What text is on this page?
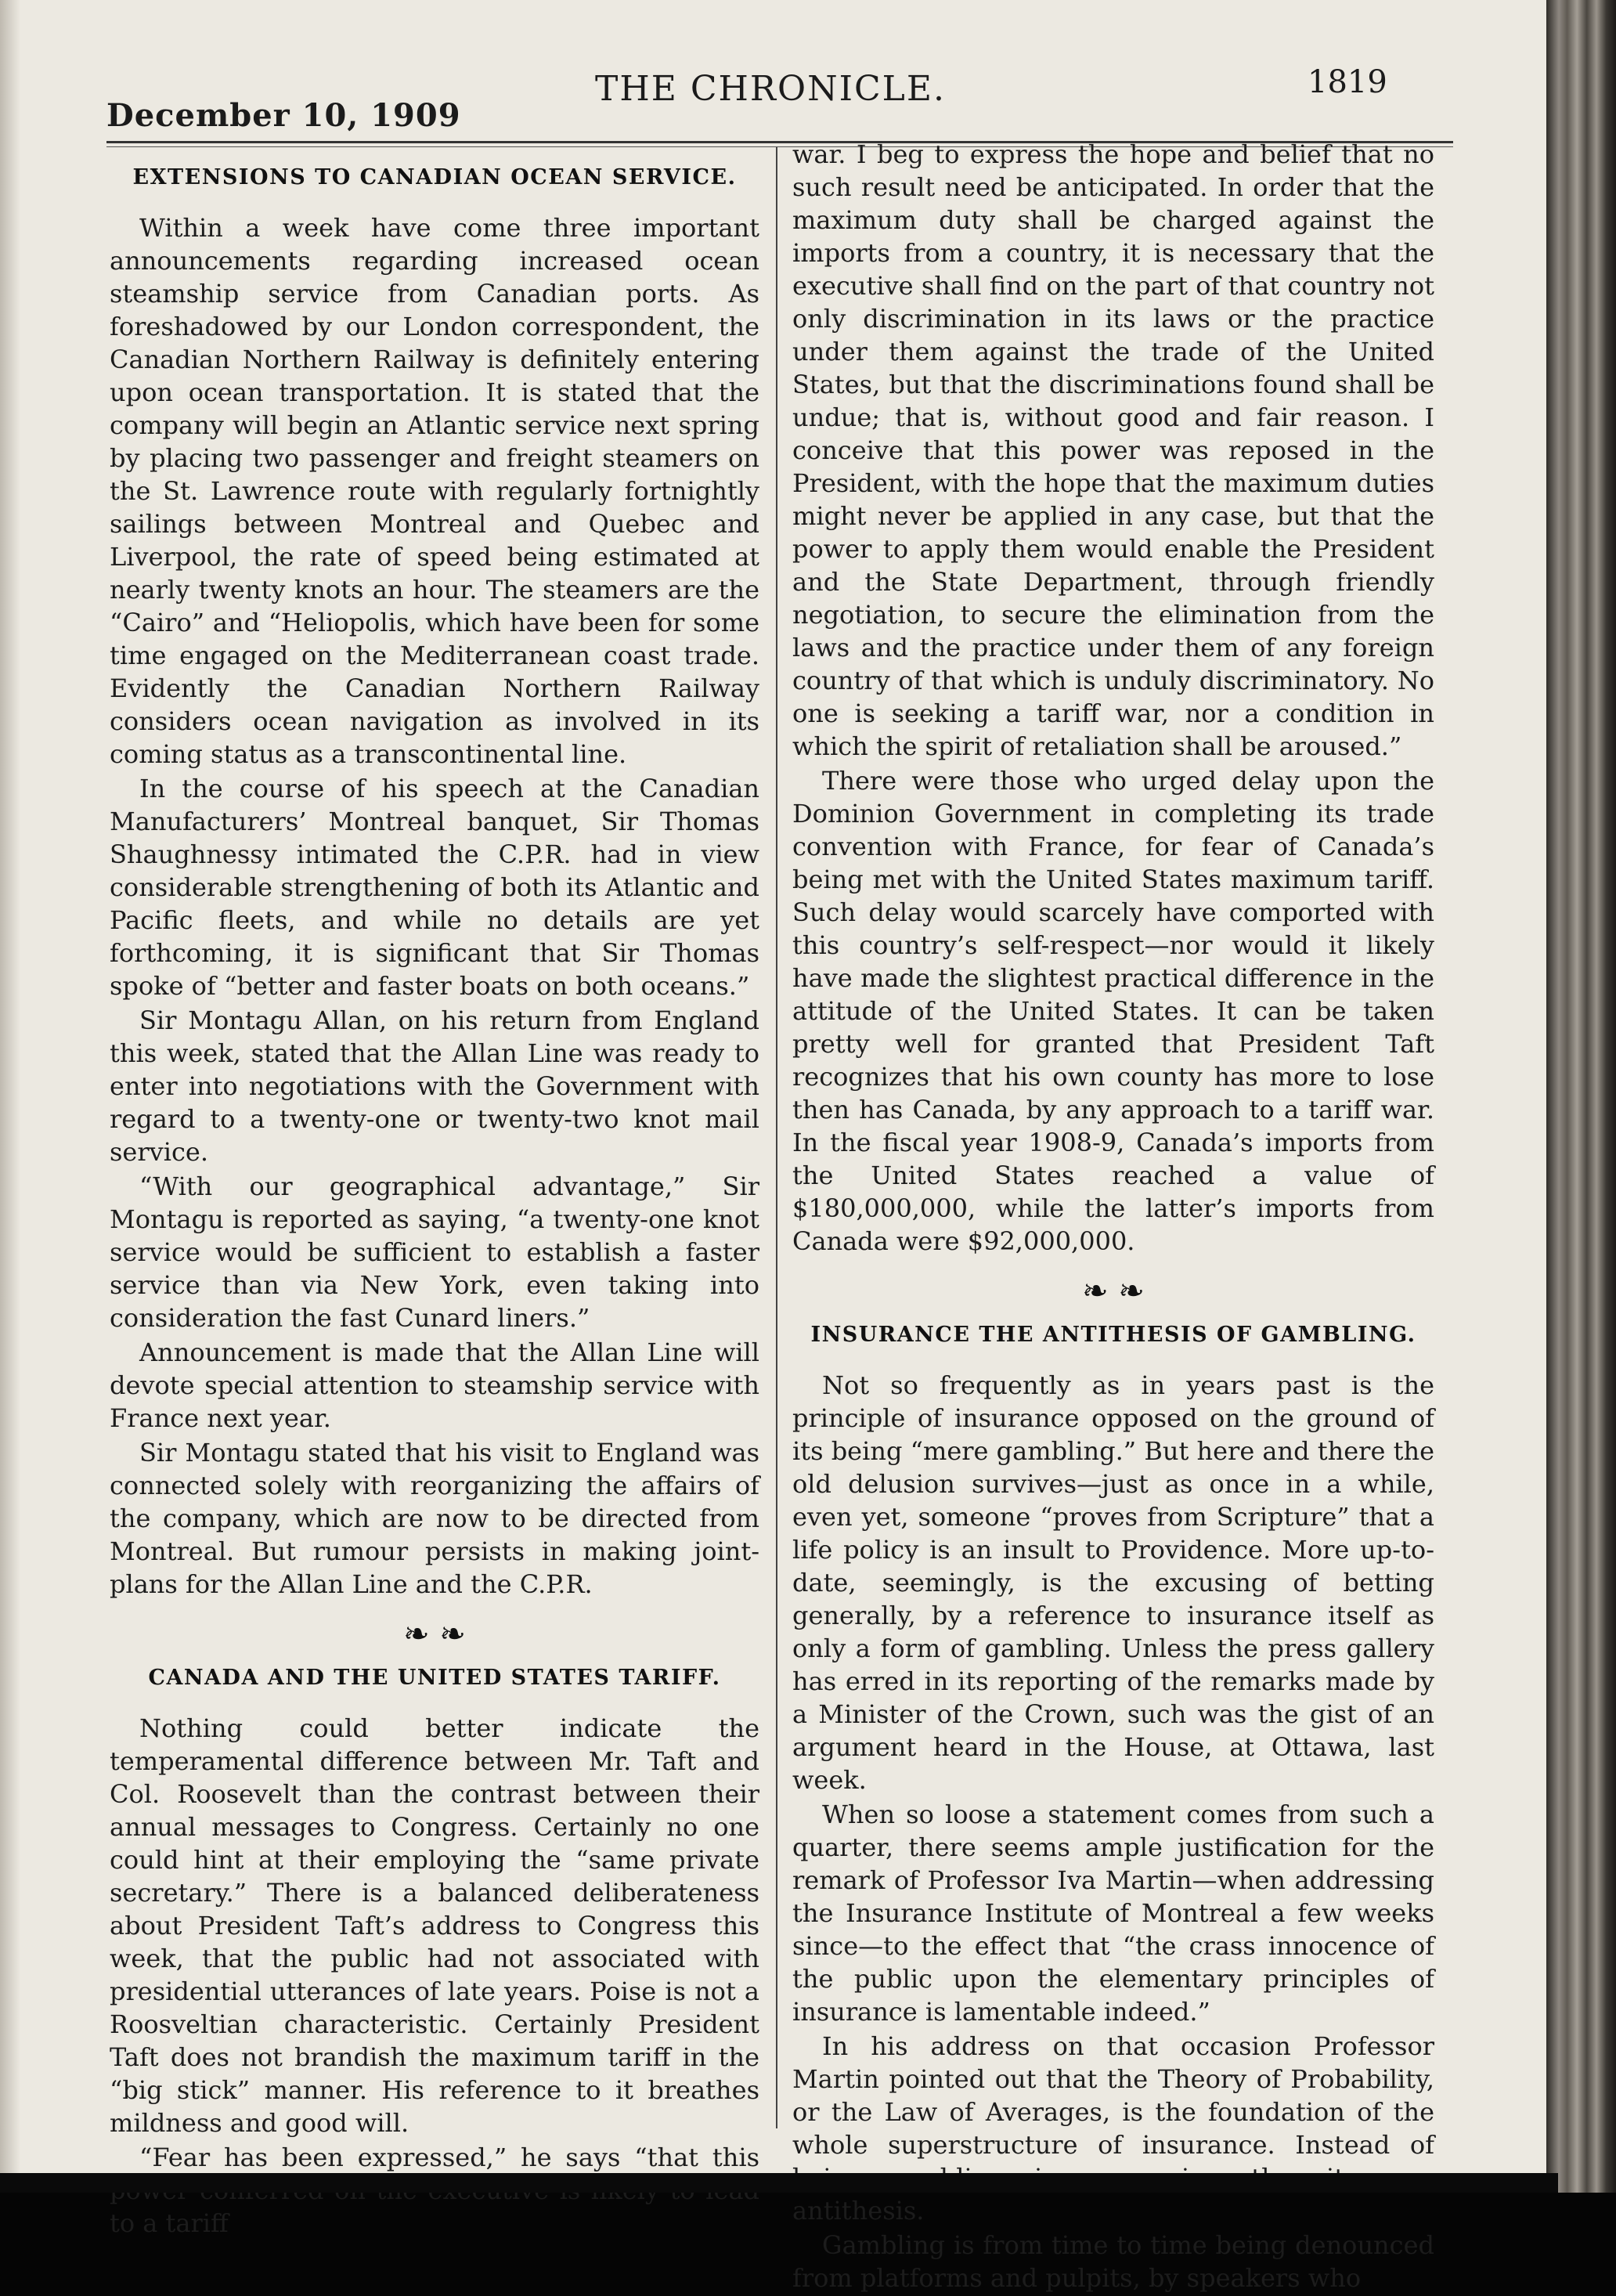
December 10, 1909
THE CHRONICLE.	1819
EXTENSIONS TO CANADIAN OCEAN SERVICE.

Within a week have come three important announcements regarding increased ocean steamship service from Canadian ports. As foreshadowed by our London correspondent, the Canadian Northern Railway is definitely entering upon ocean transportation. It is stated that the company will begin an Atlantic service next spring by placing two passenger and freight steamers on the St. Lawrence route with regularly fortnightly sailings between Montreal and Quebec and Liverpool, the rate of speed being estimated at nearly twenty knots an hour. The steamers are the “Cairo” and “Heliopolis, which have been for some time engaged on the Mediterranean coast trade. Evidently the Canadian Northern Railway considers ocean navigation as involved in its coming status as a transcontinental line.

In the course of his speech at the Canadian Manufacturers’ Montreal banquet, Sir Thomas Shaughnessy intimated the C.P.R. had in view considerable strengthening of both its Atlantic and Pacific fleets, and while no details are yet forthcoming, it is significant that Sir Thomas spoke of “better and faster boats on both oceans.”

Sir Montagu Allan, on his return from England this week, stated that the Allan Line was ready to enter into negotiations with the Government with regard to a twenty-one or twenty-two knot mail service.

“With our geographical advantage,” Sir Montagu is reported as saying, “a twenty-one knot service would be sufficient to establish a faster service than via New York, even taking into consideration the fast Cunard liners.”

Announcement is made that the Allan Line will devote special attention to steamship service with France next year.

Sir Montagu stated that his visit to England was connected solely with reorganizing the affairs of the company, which are now to be directed from Montreal. But rumour persists in making joint-plans for the Allan Line and the C.P.R.

❧ ❧
CANADA AND THE UNITED STATES TARIFF.

Nothing could better indicate the temperamental difference between Mr. Taft and Col. Roosevelt than the contrast between their annual messages to Congress. Certainly no one could hint at their employing the “same private secretary.” There is a balanced deliberateness about President Taft’s address to Congress this week, that the public had not associated with presidential utterances of late years. Poise is not a Roosveltian characteristic. Certainly President Taft does not brandish the maximum tariff in the “big stick” manner. His reference to it breathes mildness and good will.

“Fear has been expressed,” he says “that this to a tariff

war. I beg to express the hope and belief that no such result need be anticipated. In order that the maximum duty shall be charged against the imports from a country, it is necessary that the executive shall find on the part of that country not only discrimination in its laws or the practice under them against the trade of the United States, but that the discriminations found shall be undue; that is, without good and fair reason. I conceive that this power was reposed in the President, with the hope that the maximum duties might never be applied in any case, but that the power to apply them would enable the President and the State Department, through friendly negotiation, to secure the elimination from the laws and the practice under them of any foreign country of that which is unduly discriminatory. No one is seeking a tariff war, nor a condition in which the spirit of retaliation shall be aroused.”

There were those who urged delay upon the Dominion Government in completing its trade convention with France, for fear of Canada’s being met with the United States maximum tariff. Such delay would scarcely have comported with this country’s self-respect—nor would it likely have made the slightest practical difference in the attitude of the United States. It can be taken pretty well for granted that President Taft recognizes that his own county has more to lose then has Canada, by any approach to a tariff war. In the fiscal year 1908-9, Canada’s imports from the United States reached a value of $180,000,000, while the latter’s imports from Canada were $92,000,000.

❧ ❧
INSURANCE THE ANTITHESIS OF GAMBLING.

Not so frequently as in years past is the principle of insurance opposed on the ground of its being “mere gambling.” But here and there the old delusion survives—just as once in a while, even yet, someone “proves from Scripture” that a life policy is an insult to Providence. More up-to-date, seemingly, is the excusing of betting generally, by a reference to insurance itself as only a form of gambling. Unless the press gallery has erred in its reporting of the remarks made by a Minister of the Crown, such was the gist of an argument heard in the House, at Ottawa, last week.

When so loose a statement comes from such a quarter, there seems ample justification for the remark of Professor Iva Martin—when addressing the Insurance Institute of Montreal a few weeks since—to the effect that “the crass innocence of the public upon the elementary principles of insurance is lamentable indeed.”

In his address on that occasion Professor Martin pointed out that the Theory of Probability, or the Law of Averages, is the foundation of the whole superstructure of insurance. Instead of antithesis.

Gambling is from time to time being denounced from platforms and pulpits, by speakers who
